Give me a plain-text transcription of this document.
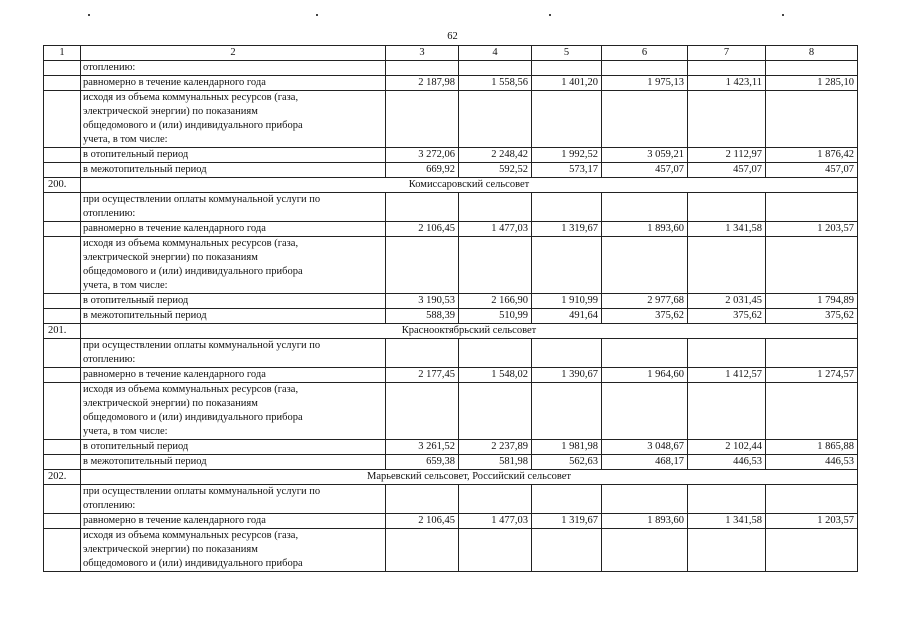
62
1	2	3	4	5	6	7	8

	отоплению:						

	равномерно в течение календарного года	2 187,98	1 558,56	1 401,20	1 975,13	1 423,11	1 285,10

	исходя из объема коммунальных ресурсов (газа,
электрической энергии) по показаниям
общедомового и (или) индивидуального прибора
учета, в том числе:						

	в отопительный период	3 272,06	2 248,42	1 992,52	3 059,21	2 112,97	1 876,42
	в межотопительный период	669,92	592,52	573,17	457,07	457,07	457,07
200.	Комиссаровский сельсовет						

	при осуществлении оплаты коммунальной услуги по
отоплению:						

	равномерно в течение календарного года	2 106,45	1 477,03	1 319,67	1 893,60	1 341,58	1 203,57

	исходя из объема коммунальных ресурсов (газа,
электрической энергии) по показаниям
общедомового и (или) индивидуального прибора
учета, в том числе:						

	в отопительный период	3 190,53	2 166,90	1 910,99	2 977,68	2 031,45	1 794,89
	в межотопительный период	588,39	510,99	491,64	375,62	375,62	375,62
201.	Краснооктябрьский сельсовет						

	при осуществлении оплаты коммунальной услуги по
отоплению:						

	равномерно в течение календарного года	2 177,45	1 548,02	1 390,67	1 964,60	1 412,57	1 274,57

	исходя из объема коммунальных ресурсов (газа,
электрической энергии) по показаниям
общедомового и (или) индивидуального прибора
учета, в том числе:						

	в отопительный период	3 261,52	2 237,89	1 981,98	3 048,67	2 102,44	1 865,88
	в межотопительный период	659,38	581,98	562,63	468,17	446,53	446,53
202.	Марьевский сельсовет, Российский сельсовет						

	при осуществлении оплаты коммунальной услуги по
отоплению:						

	равномерно в течение календарного года	2 106,45	1 477,03	1 319,67	1 893,60	1 341,58	1 203,57

	исходя из объема коммунальных ресурсов (газа,
электрической энергии) по показаниям
общедомового и (или) индивидуального прибора						
